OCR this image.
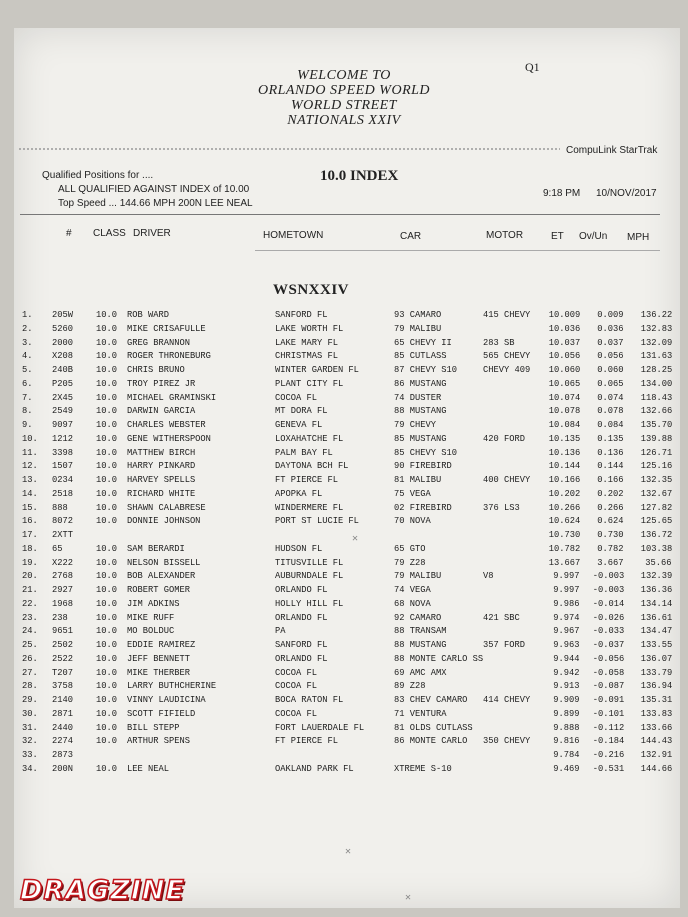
Q1
WELCOME TO
ORLANDO SPEED WORLD
WORLD STREET
NATIONALS XXIV
CompuLink StarTrak
Qualified Positions for ....
ALL QUALIFIED AGAINST INDEX of 10.00
Top Speed ... 144.66 MPH 200N LEE NEAL
10.0 INDEX
9:18 PM 10/NOV/2017
# CLASS DRIVER	HOMETOWN	CAR	MOTOR	ET Ov/Un MPH
WSNXXIV
1. 205W 10.0 ROB WARD	SANFORD FL	93 CAMARO	415 CHEVY 10.009 0.009 136.22
2. 5260 10.0 MIKE CRISAFULLE	LAKE WORTH FL	79 MALIBU	10.036 0.036 132.83
3. 2000 10.0 GREG BRANNON	LAKE MARY FL	65 CHEVY II	283 SB	10.037 0.037 132.09
4. X208 10.0 ROGER THRONEBURG	CHRISTMAS FL	85 CUTLASS	565 CHEVY 10.056 0.056 131.63
5. 240B 10.0 CHRIS BRUNO	WINTER GARDEN FL	87 CHEVY S10	CHEVY 409 10.060 0.060 128.25
6. P205 10.0 TROY PIREZ JR	PLANT CITY FL	86 MUSTANG	10.065 0.065 134.00
7. 2X45 10.0 MICHAEL GRAMINSKI	COCOA FL	74 DUSTER	10.074 0.074 118.43
8. 2549 10.0 DARWIN GARCIA	MT DORA FL	88 MUSTANG	10.078 0.078 132.66
9. 9097 10.0 CHARLES WEBSTER	GENEVA FL	79 CHEVY	10.084 0.084 135.70
10. 1212 10.0 GENE WITHERSPOON	LOXAHATCHE FL	85 MUSTANG	420 FORD 10.135 0.135 139.88
11. 3398 10.0 MATTHEW BIRCH	PALM BAY FL	85 CHEVY S10	10.136 0.136 126.71
12. 1507 10.0 HARRY PINKARD	DAYTONA BCH FL	90 FIREBIRD	10.144 0.144 125.16
13. 0234 10.0 HARVEY SPELLS	FT PIERCE FL	81 MALIBU	400 CHEVY 10.166 0.166 132.35
14. 2518 10.0 RICHARD WHITE	APOPKA FL	75 VEGA	10.202 0.202 132.67
15. 888	10.0 SHAWN CALABRESE	WINDERMERE FL	02 FIREBIRD	376 LS3	10.266 0.266 127.82
16. 8072 10.0 DONNIE JOHNSON	PORT ST LUCIE FL	70 NOVA	10.624 0.624 125.65
17. 2XTT	10.730 0.730 136.72
18. 65	10.0 SAM BERARDI	HUDSON FL	65 GTO	10.782 0.782 103.38
19. X222 10.0 NELSON BISSELL	TITUSVILLE FL	79 Z28	13.667 3.667 35.66
20. 2768 10.0 BOB ALEXANDER	AUBURNDALE FL	79 MALIBU	V8	9.997 -0.003 132.39
21. 2927 10.0 ROBERT GOMER	ORLANDO FL	74 VEGA	9.997 -0.003 136.36
22. 1968 10.0 JIM ADKINS	HOLLY HILL FL	68 NOVA	9.986 -0.014 134.14
23. 238	10.0 MIKE RUFF	ORLANDO FL	92 CAMARO	421 SBC	9.974 -0.026 136.61
24. 9651 10.0 MO BOLDUC	PA	88 TRANSAM	9.967 -0.033 134.47
25. 2502 10.0 EDDIE RAMIREZ	SANFORD FL	88 MUSTANG	357 FORD	9.963 -0.037 133.55
26. 2522 10.0 JEFF BENNETT	ORLANDO FL	88 MONTE CARLO SS	9.944 -0.056 136.07
27. T207 10.0 MIKE THERBER	COCOA FL	69 AMC AMX	9.942 -0.058 133.79
28. 3758 10.0 LARRY BUTHCHERINE	COCOA FL	89 Z28	9.913 -0.087 136.94
29. 2140 10.0 VINNY LAUDICINA	BOCA RATON FL	83 CHEV CAMARO 414 CHEVY 9.909 -0.091 135.31
30. 2871 10.0 SCOTT FIFIELD	COCOA FL	71 VENTURA	9.899 -0.101 133.83
31. 2440 10.0 BILL STEPP	FORT LAUERDALE FL	81 OLDS CUTLASS	9.888 -0.112 133.66
32. 2274 10.0 ARTHUR SPENS	FT PIERCE FL	86 MONTE CARLO 350 CHEVY 9.816 -0.184 144.43
33. 2873	9.784 -0.216 132.91
34. 200N 10.0 LEE NEAL	OAKLAND PARK FL	XTREME S-10	9.469 -0.531 144.66
✕
✕
✕
DRAGZINE
